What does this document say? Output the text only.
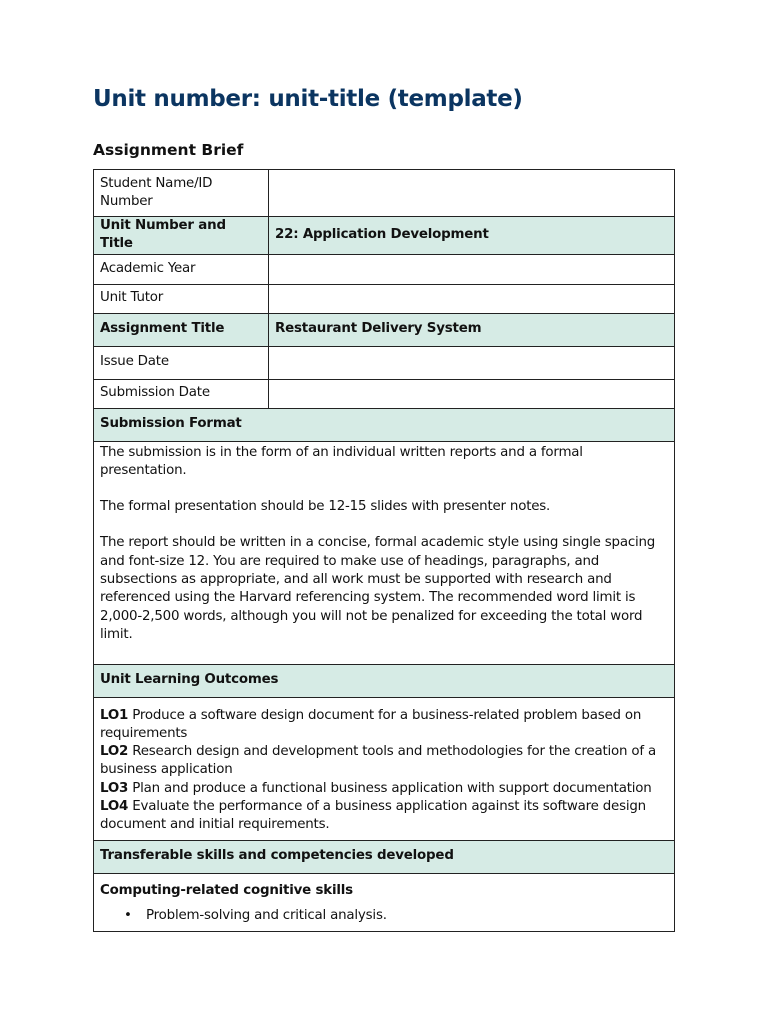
Unit number: unit-title (template)
Assignment Brief
Student Name/ID Number	
Unit Number and Title	22: Application Development
Academic Year	
Unit Tutor	
Assignment Title	Restaurant Delivery System
Issue Date	
Submission Date	
Submission Format	

The submission is in the form of an individual written reports and a formal presentation.

The formal presentation should be 12-15 slides with presenter notes.

The report should be written in a concise, formal academic style using single spacing and font-size 12. You are required to make use of headings, paragraphs, and subsections as appropriate, and all work must be supported with research and referenced using the Harvard referencing system. The recommended word limit is 2,000-2,500 words, although you will not be penalized for exceeding the total word limit.	

Unit Learning Outcomes	

LO1 Produce a software design document for a business-related problem based on requirements
LO2 Research design and development tools and methodologies for the creation of a business application
LO3 Plan and produce a functional business application with support documentation
LO4 Evaluate the performance of a business application against its software design document and initial requirements.	

Transferable skills and competencies developed	

Computing-related cognitive skills
• Problem-solving and critical analysis.	
